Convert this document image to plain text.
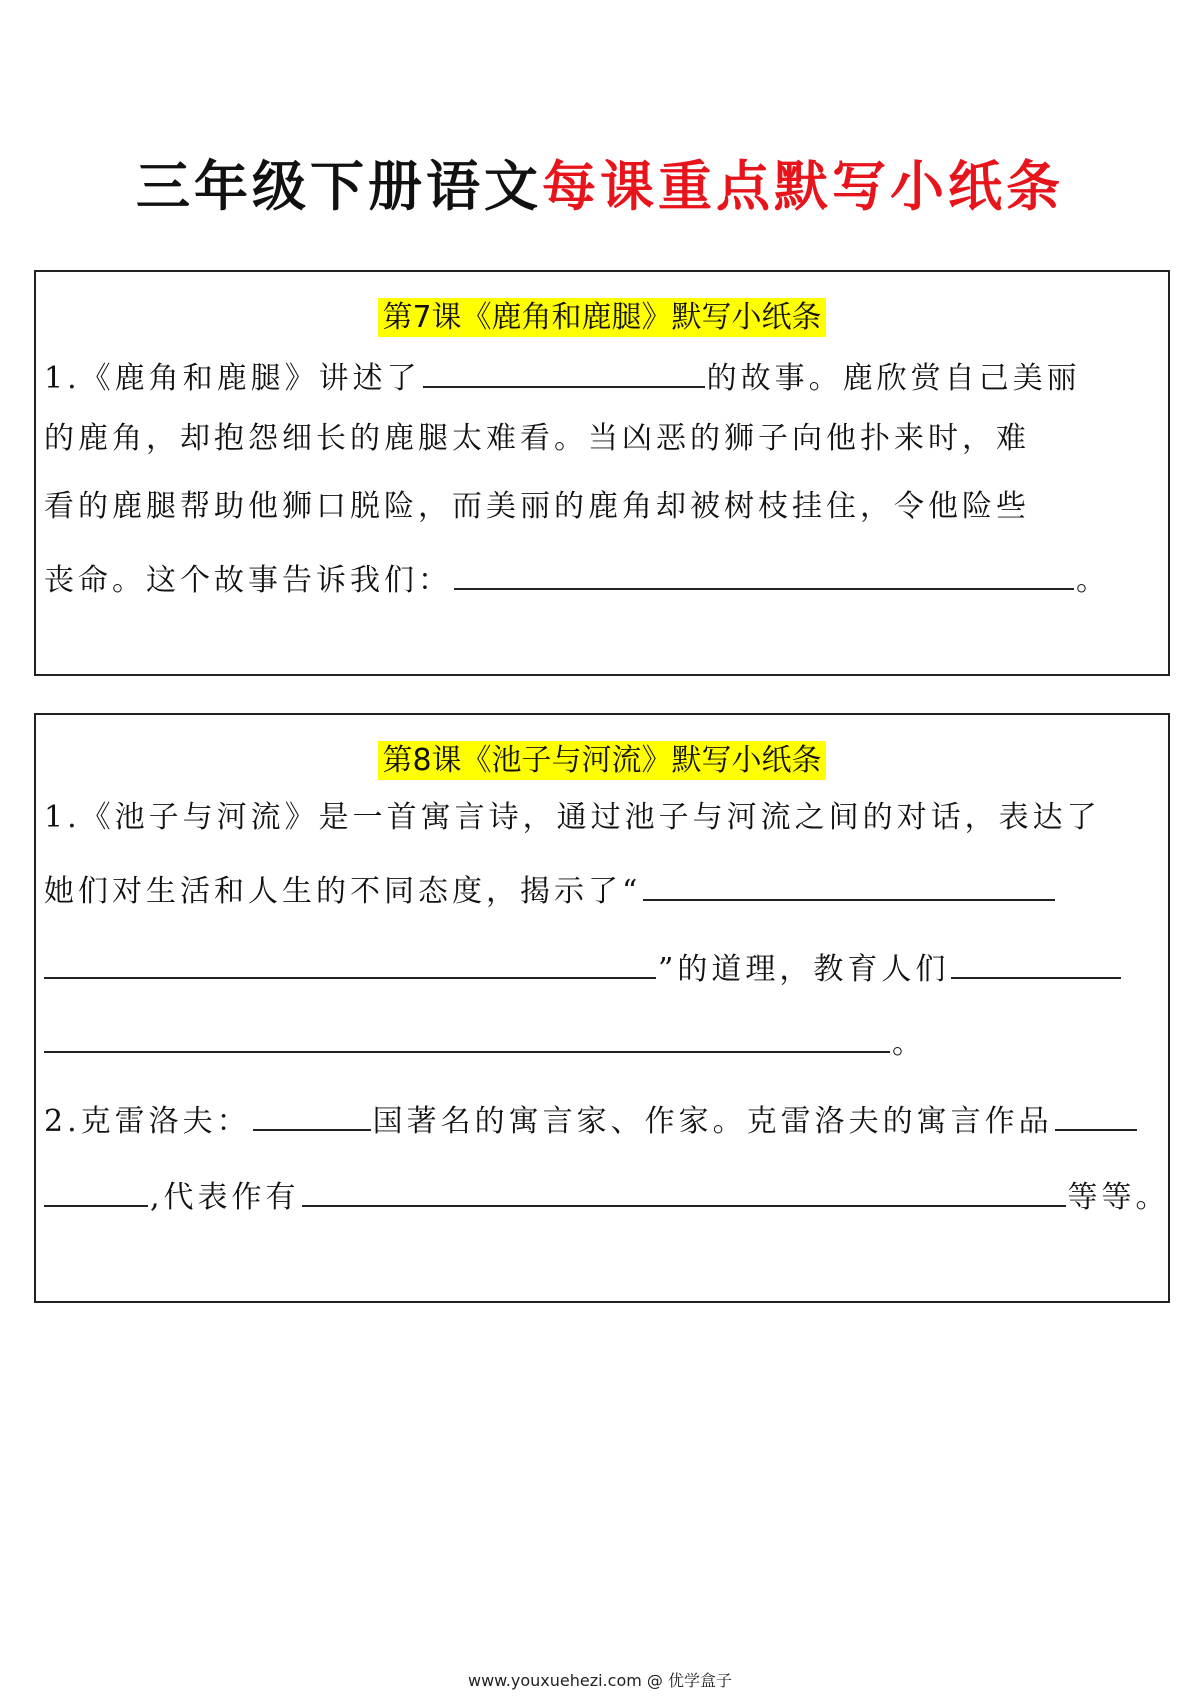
三年级下册语文每课重点默写小纸条
第7课《鹿角和鹿腿》默写小纸条
1.《鹿角和鹿腿》讲述了	的故事。鹿欣赏自己美丽
的鹿角，却抱怨细长的鹿腿太难看。当凶恶的狮子向他扑来时，难
看的鹿腿帮助他狮口脱险，而美丽的鹿角却被树枝挂住，令他险些
丧命。这个故事告诉我们：	。
第8课《池子与河流》默写小纸条
1.《池子与河流》是一首寓言诗，通过池子与河流之间的对话，表达了
她们对生活和人生的不同态度，揭示了“
”的道理，教育人们
。
2.克雷洛夫：	国著名的寓言家、作家。克雷洛夫的寓言作品
,代表作有	等等。
www.youxuehezi.com @ 优学盒子
